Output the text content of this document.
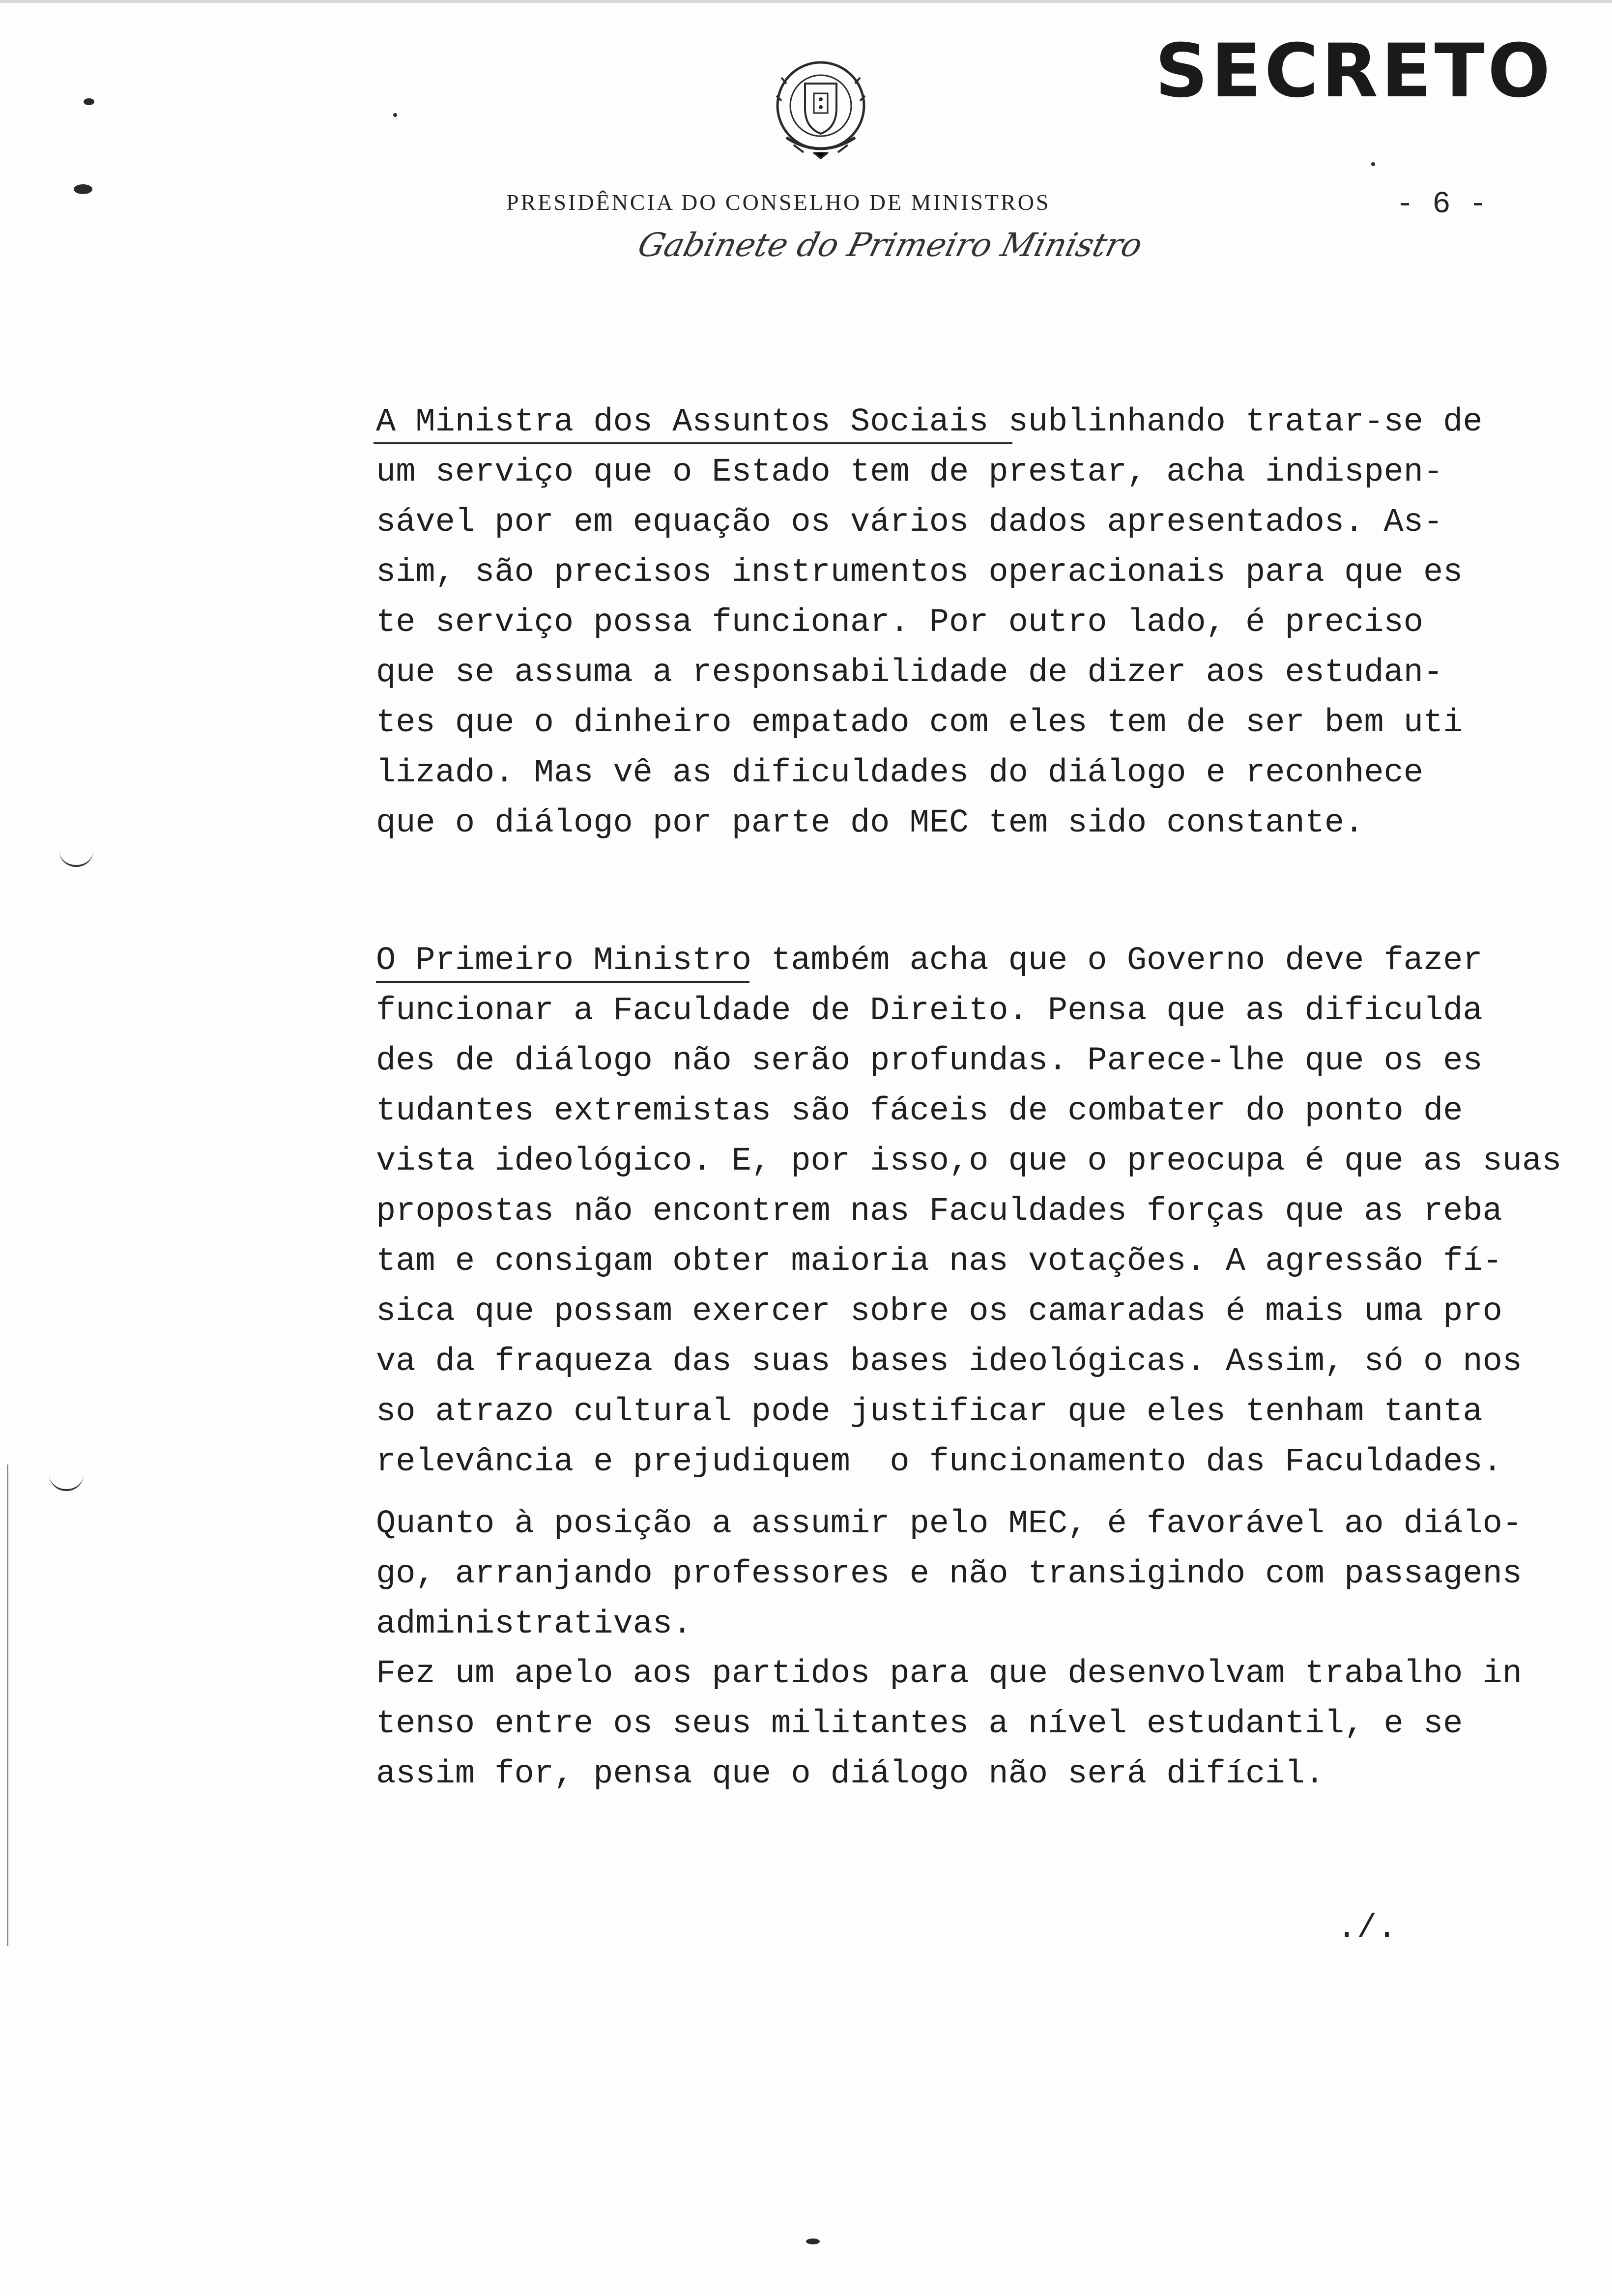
SECRETO
PRESIDÊNCIA DO CONSELHO DE MINISTROS	- 6 -
Gabinete do Primeiro Ministro
A Ministra dos Assuntos Sociais sublinhando tratar-se de
um serviço que o Estado tem de prestar, acha indispen-
sável por em equação os vários dados apresentados. As-
sim, são precisos instrumentos operacionais para que es
te serviço possa funcionar. Por outro lado, é preciso
que se assuma a responsabilidade de dizer aos estudan-
tes que o dinheiro empatado com eles tem de ser bem uti
lizado. Mas vê as dificuldades do diálogo e reconhece
que o diálogo por parte do MEC tem sido constante.
O Primeiro Ministro também acha que o Governo deve fazer
funcionar a Faculdade de Direito. Pensa que as dificulda
des de diálogo não serão profundas. Parece-lhe que os es
tudantes extremistas são fáceis de combater do ponto de
vista ideológico. E, por isso,o que o preocupa é que as suas
propostas não encontrem nas Faculdades forças que as reba
tam e consigam obter maioria nas votações. A agressão fí-
sica que possam exercer sobre os camaradas é mais uma pro
va da fraqueza das suas bases ideológicas. Assim, só o nos
so atrazo cultural pode justificar que eles tenham tanta
relevância e prejudiquem  o funcionamento das Faculdades.
Quanto à posição a assumir pelo MEC, é favorável ao diálo-
go, arranjando professores e não transigindo com passagens
administrativas.
Fez um apelo aos partidos para que desenvolvam trabalho in
tenso entre os seus militantes a nível estudantil, e se
assim for, pensa que o diálogo não será difícil.
./.
